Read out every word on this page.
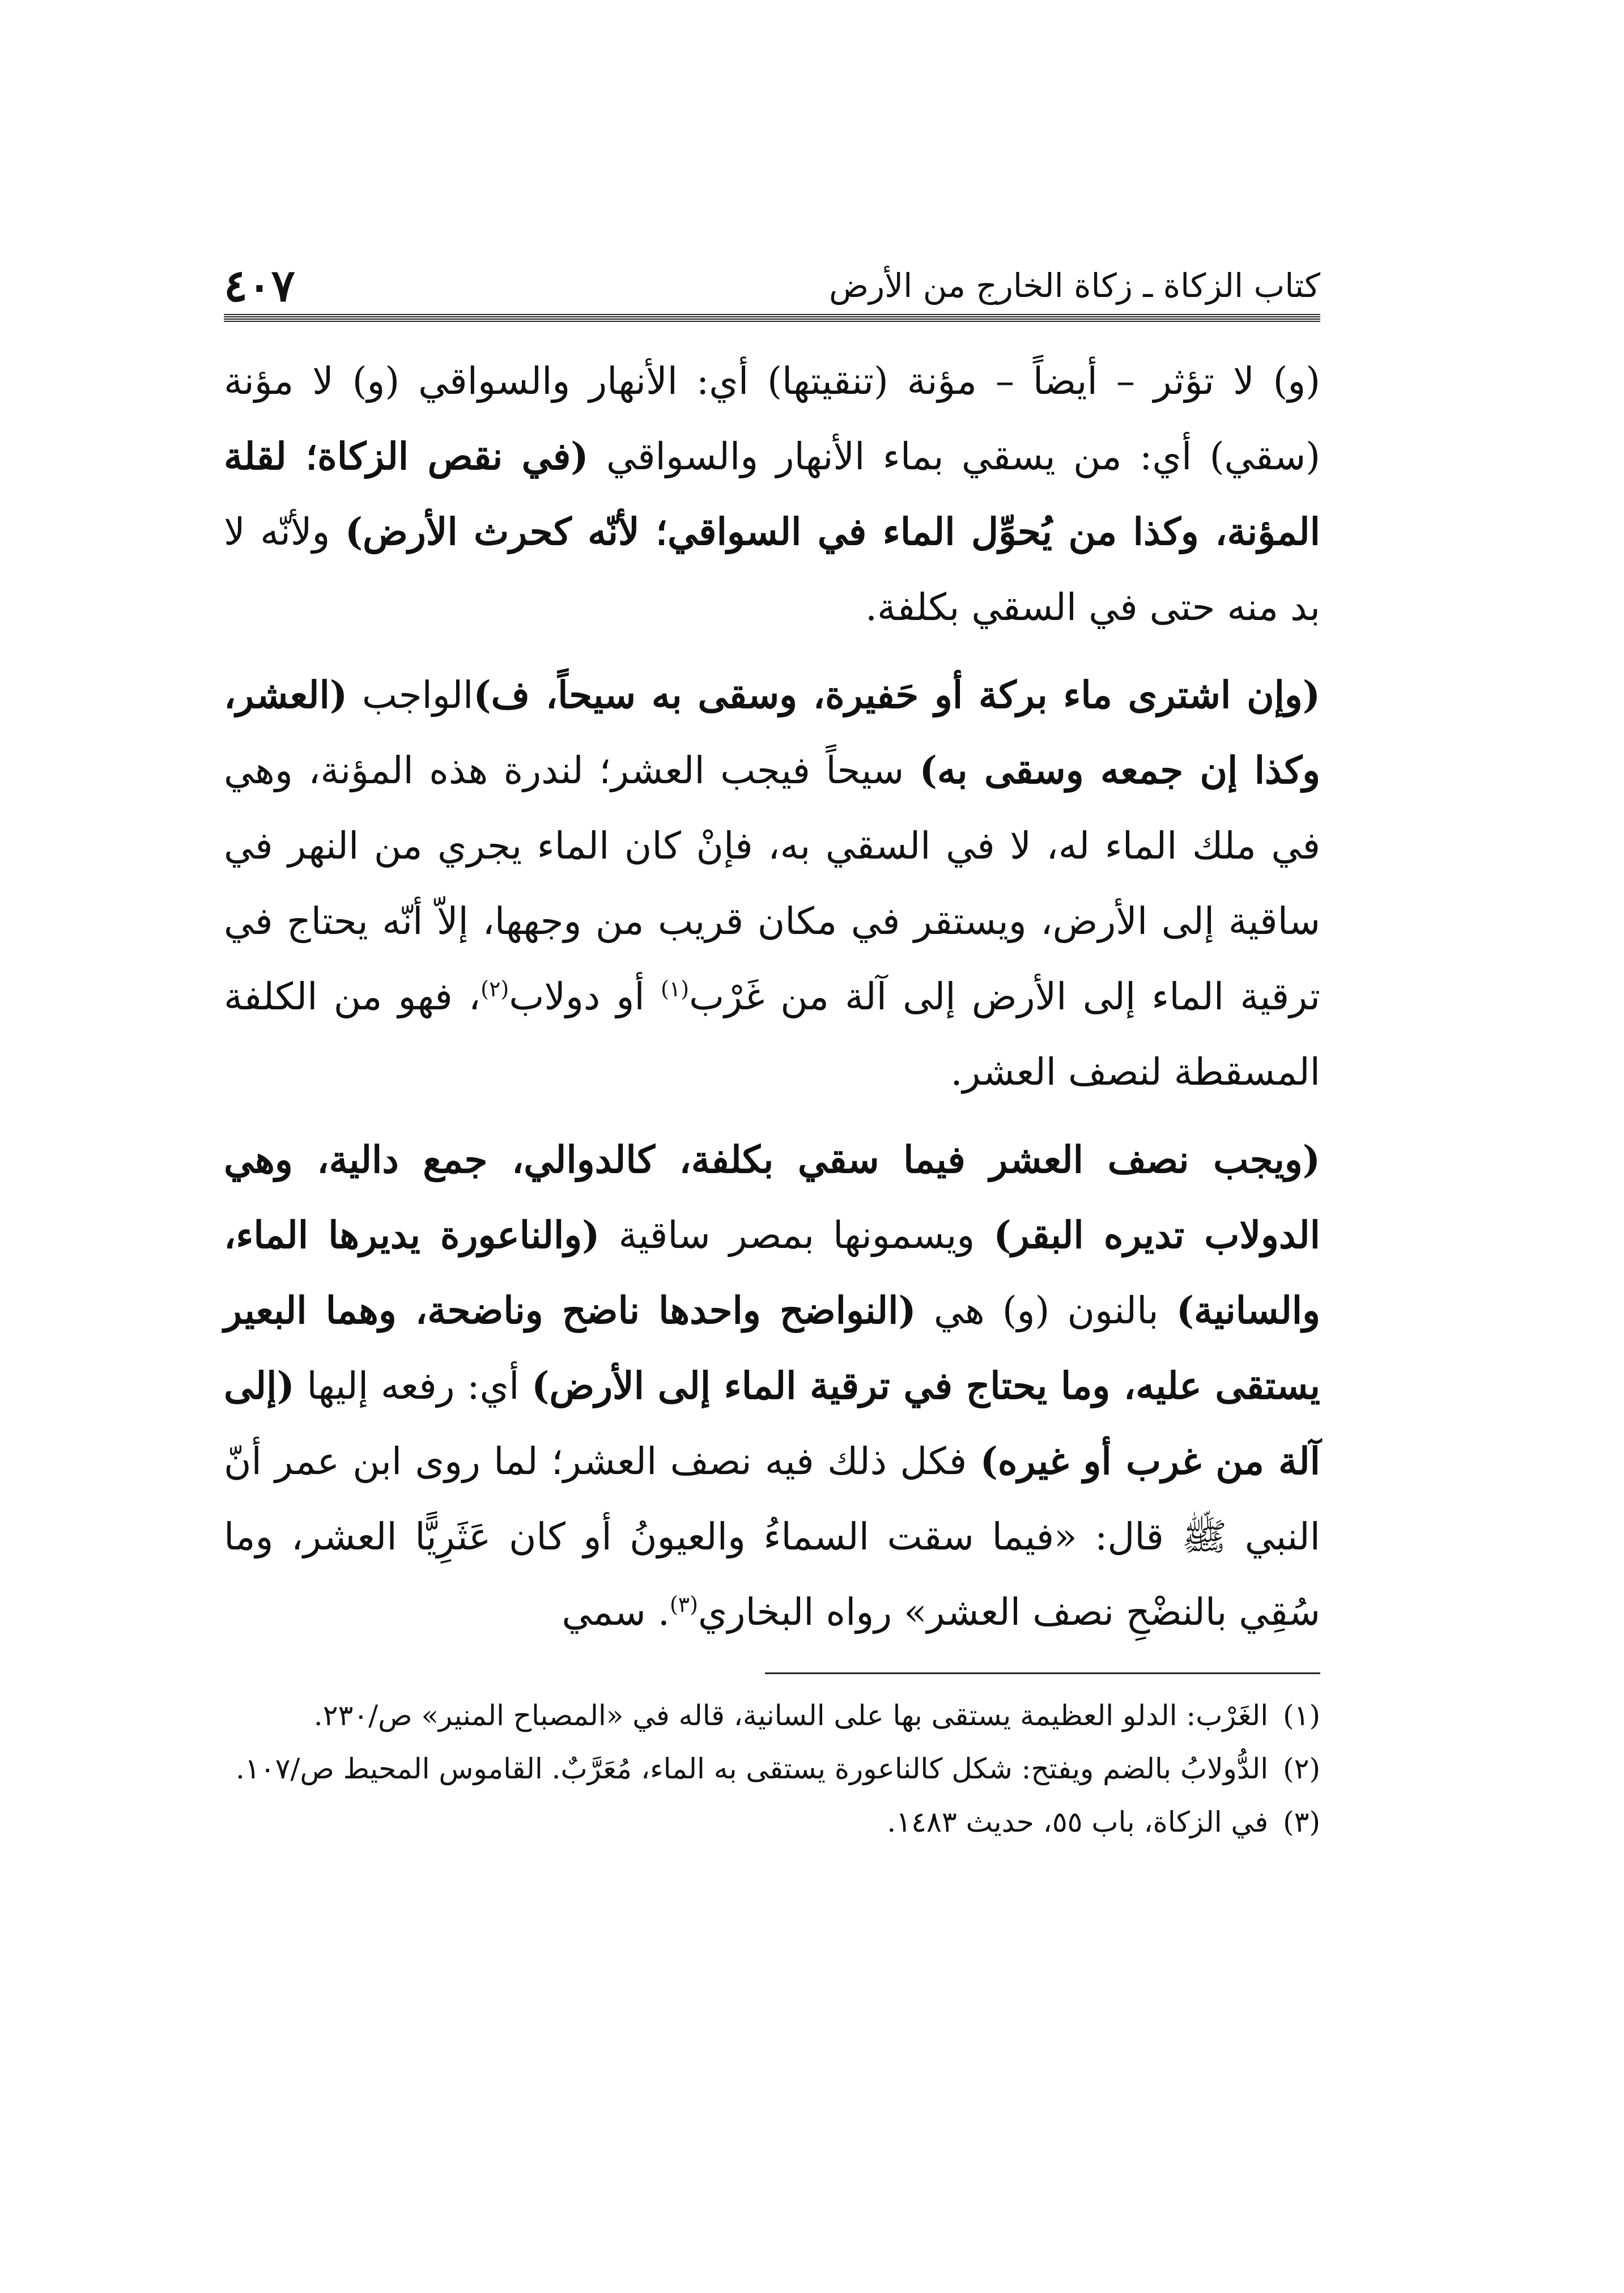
كتاب الزكاة ـ زكاة الخارج من الأرض
٤٠٧

(و) لا تؤثر – أيضاً – مؤنة (تنقيتها) أي: الأنهار والسواقي (و) لا مؤنة (سقي) أي: من يسقي بماء الأنهار والسواقي (في نقص الزكاة؛ لقلة المؤنة، وكذا من يُحوِّل الماء في السواقي؛ لأنّه كحرث الأرض) ولأنّه لا بد منه حتى في السقي بكلفة.

(وإن اشترى ماء بركة أو حَفيرة، وسقى به سيحاً، ف)الواجب (العشر، وكذا إن جمعه وسقى به) سيحاً فيجب العشر؛ لندرة هذه المؤنة، وهي في ملك الماء له، لا في السقي به، فإنْ كان الماء يجري من النهر في ساقية إلى الأرض، ويستقر في مكان قريب من وجهها، إلاّ أنّه يحتاج في ترقية الماء إلى الأرض إلى آلة من غَرْب$^{(١)}$ أو دولاب$^{(٢)}$، فهو من الكلفة المسقطة لنصف العشر.

(ويجب نصف العشر فيما سقي بكلفة، كالدوالي، جمع دالية، وهي الدولاب تديره البقر) ويسمونها بمصر ساقية (والناعورة يديرها الماء، والسانية) بالنون (و) هي (النواضح واحدها ناضح وناضحة، وهما البعير يستقى عليه، وما يحتاج في ترقية الماء إلى الأرض) أي: رفعه إليها (إلى آلة من غرب أو غيره) فكل ذلك فيه نصف العشر؛ لما روى ابن عمر أنّ النبي ﷺ قال: «فيما سقت السماءُ والعيونُ أو كان عَثَرِيًّا العشر، وما سُقِي بالنضْحِ نصف العشر» رواه البخاري$^{(٣)}$. سمي

(١)
الغَرْب: الدلو العظيمة يستقى بها على السانية، قاله في «المصباح المنير» ص/٢٣٠.
(٢)
الدُّولابُ بالضم ويفتح: شكل كالناعورة يستقى به الماء، مُعَرَّبٌ. القاموس المحيط ص/١٠٧.
(٣)
في الزكاة، باب ٥٥، حديث ١٤٨٣.
